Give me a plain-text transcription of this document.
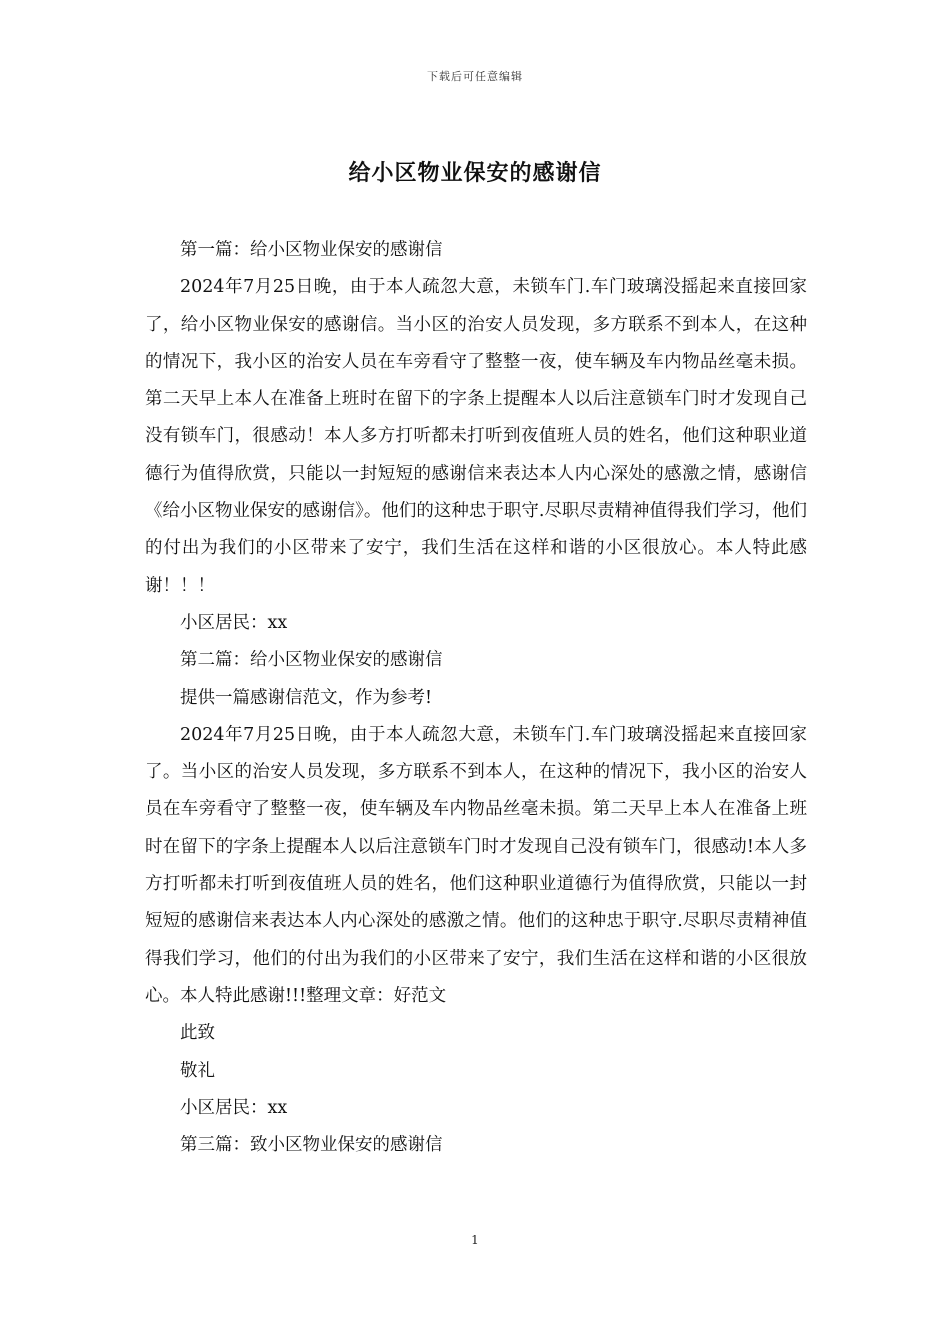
下载后可任意编辑
给小区物业保安的感谢信

第一篇：给小区物业保安的感谢信

2024年7月25日晚，由于本人疏忽大意，未锁车门.车门玻璃没摇起来直接回家了，给小区物业保安的感谢信。当小区的治安人员发现，多方联系不到本人，在这种的情况下，我小区的治安人员在车旁看守了整整一夜，使车辆及车内物品丝毫未损。第二天早上本人在准备上班时在留下的字条上提醒本人以后注意锁车门时才发现自己没有锁车门，很感动！本人多方打听都未打听到夜值班人员的姓名，他们这种职业道德行为值得欣赏，只能以一封短短的感谢信来表达本人内心深处的感激之情，感谢信《给小区物业保安的感谢信》。他们的这种忠于职守.尽职尽责精神值得我们学习，他们的付出为我们的小区带来了安宁，我们生活在这样和谐的小区很放心。本人特此感谢！！！

小区居民：xx

第二篇：给小区物业保安的感谢信

提供一篇感谢信范文，作为参考!

2024年7月25日晚，由于本人疏忽大意，未锁车门.车门玻璃没摇起来直接回家了。当小区的治安人员发现，多方联系不到本人，在这种的情况下，我小区的治安人员在车旁看守了整整一夜，使车辆及车内物品丝毫未损。第二天早上本人在准备上班时在留下的字条上提醒本人以后注意锁车门时才发现自己没有锁车门，很感动!本人多方打听都未打听到夜值班人员的姓名，他们这种职业道德行为值得欣赏，只能以一封短短的感谢信来表达本人内心深处的感激之情。他们的这种忠于职守.尽职尽责精神值得我们学习，他们的付出为我们的小区带来了安宁，我们生活在这样和谐的小区很放心。本人特此感谢!!!整理文章：好范文

此致

敬礼

小区居民：xx

第三篇：致小区物业保安的感谢信

1
